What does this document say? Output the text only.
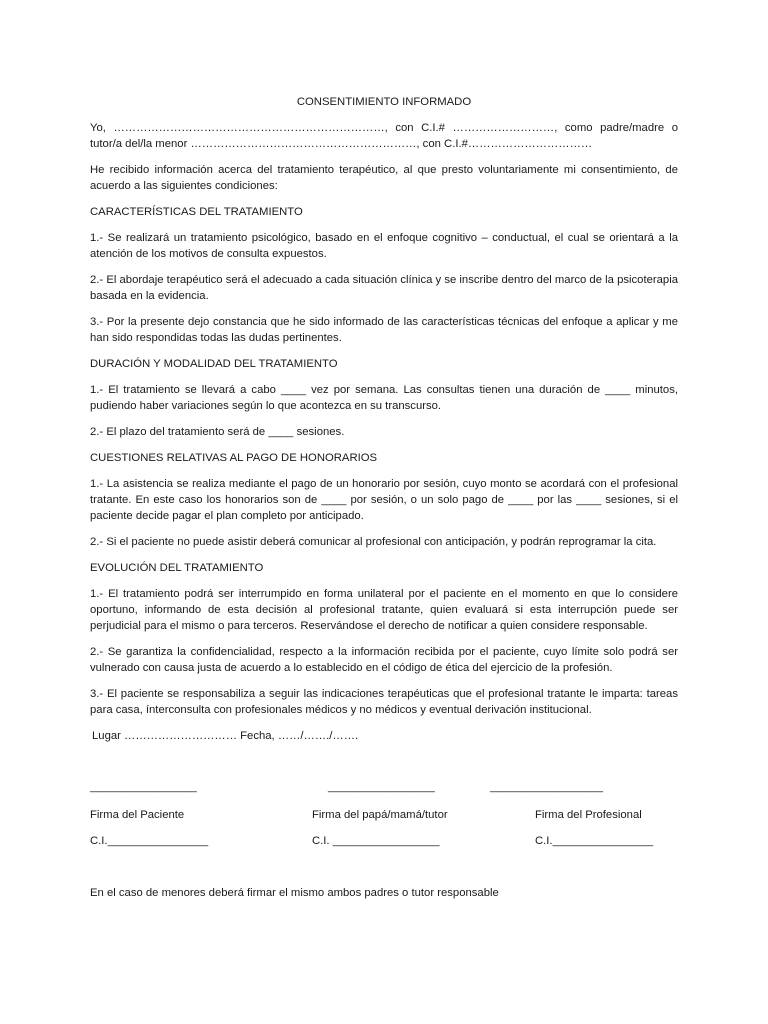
CONSENTIMIENTO INFORMADO

Yo, ………………………………………………………………, con C.I.# ………………………, como padre/madre o tutor/a del/la menor ……………………………………………………, con C.I.#……………………………

He recibido información acerca del tratamiento terapéutico, al que presto voluntariamente mi consentimiento, de acuerdo a las siguientes condiciones:

CARACTERÍSTICAS DEL TRATAMIENTO

1.- Se realizará un tratamiento psicológico, basado en el enfoque cognitivo – conductual, el cual se orientará a la atención de los motivos de consulta expuestos.

2.- El abordaje terapéutico será el adecuado a cada situación clínica y se inscribe dentro del marco de la psicoterapia basada en la evidencia.

3.- Por la presente dejo constancia que he sido informado de las características técnicas del enfoque a aplicar y me han sido respondidas todas las dudas pertinentes.

DURACIÓN Y MODALIDAD DEL TRATAMIENTO

1.- El tratamiento se llevará a cabo ____ vez por semana. Las consultas tienen una duración de ____ minutos, pudiendo haber variaciones según lo que acontezca en su transcurso.

2.- El plazo del tratamiento será de ____ sesiones.

CUESTIONES RELATIVAS AL PAGO DE HONORARIOS

1.- La asistencia se realiza mediante el pago de un honorario por sesión, cuyo monto se acordará con el profesional tratante. En este caso los honorarios son de ____ por sesión, o un solo pago de ____ por las ____ sesiones, si el paciente decide pagar el plan completo por anticipado.

2.- Si el paciente no puede asistir deberá comunicar al profesional con anticipación, y podrán reprogramar la cita.

EVOLUCIÓN DEL TRATAMIENTO

1.- El tratamiento podrá ser interrumpido en forma unilateral por el paciente en el momento en que lo considere oportuno, informando de esta decisión al profesional tratante, quien evaluará si esta interrupción puede ser perjudicial para el mismo o para terceros. Reservándose el derecho de notificar a quien considere responsable.

2.- Se garantiza la confidencialidad, respecto a la información recibida por el paciente, cuyo límite solo podrá ser vulnerado con causa justa de acuerdo a lo establecido en el código de ética del ejercicio de la profesión.

3.- El paciente se responsabiliza a seguir las indicaciones terapéuticas que el profesional tratante le imparta: tareas para casa, ínterconsulta con profesionales médicos y no médicos y eventual derivación institucional.

Lugar ………………………… Fecha, ……/……./…….
_________________	_________________	__________________
Firma del Paciente	Firma del papá/mamá/tutor	Firma del Profesional
C.I.________________	C.I. _________________	C.I.________________
En el caso de menores deberá firmar el mismo ambos padres o tutor responsable
